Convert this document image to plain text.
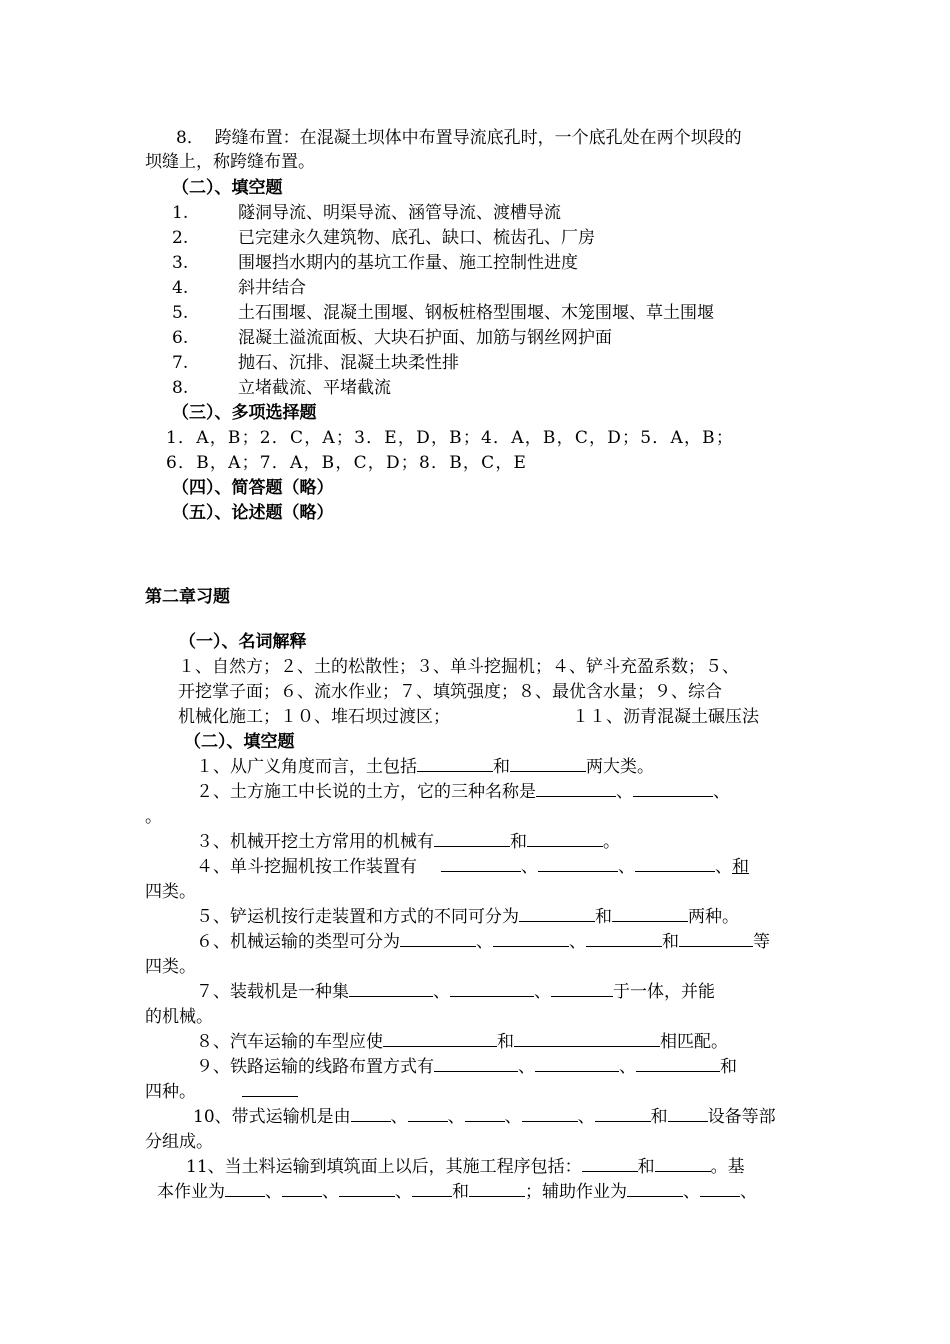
8．  跨缝布置：在混凝土坝体中布置导流底孔时，一个底孔处在两个坝段的
坝缝上，称跨缝布置。
（二）、填空题
1.	隧洞导流、明渠导流、涵管导流、渡槽导流
2.	已完建永久建筑物、底孔、缺口、梳齿孔、厂房
3.	围堰挡水期内的基坑工作量、施工控制性进度
4.	斜井结合
5.	土石围堰、混凝土围堰、钢板桩格型围堰、木笼围堰、草土围堰
6.	混凝土溢流面板、大块石护面、加筋与钢丝网护面
7.	抛石、沉排、混凝土块柔性排
8.	立堵截流、平堵截流
（三）、多项选择题
1．A，B；2．C，A；3．E，D，B；4．A，B，C，D；5．A，B；
6．B，A；7．A，B，C，D；8．B，C，E
（四）、简答题（略）
（五）、论述题（略）
第二章习题
（一）、名词解释
１、自然方；２、土的松散性；３、单斗挖掘机；４、铲斗充盈系数；５、
开挖掌子面；６、流水作业；７、填筑强度；８、最优含水量；９、综合
机械化施工；１０、堆石坝过渡区；	１１、沥青混凝土碾压法
（二）、填空题
１、从广义角度而言，土包括	和	两大类。
２、土方施工中长说的土方，它的三种名称是	、	、
。
３、机械开挖土方常用的机械有	和	。
４、单斗挖掘机按工作装置有	、	、	、和
四类。
５、铲运机按行走装置和方式的不同可分为	和	两种。
６、机械运输的类型可分为	、	、	和	等
四类。
７、装载机是一种集	、	、	于一体，并能
的机械。
８、汽车运输的车型应使	和	相匹配。
９、铁路运输的线路布置方式有	、	、	和
四种。
10、带式运输机是由 、 、 、	、	和 设备等部
分组成。
11、当土料运输到填筑面上以后，其施工程序包括：	和	。基
本作业为 、 、	、 和	；辅助作业为	、 、
